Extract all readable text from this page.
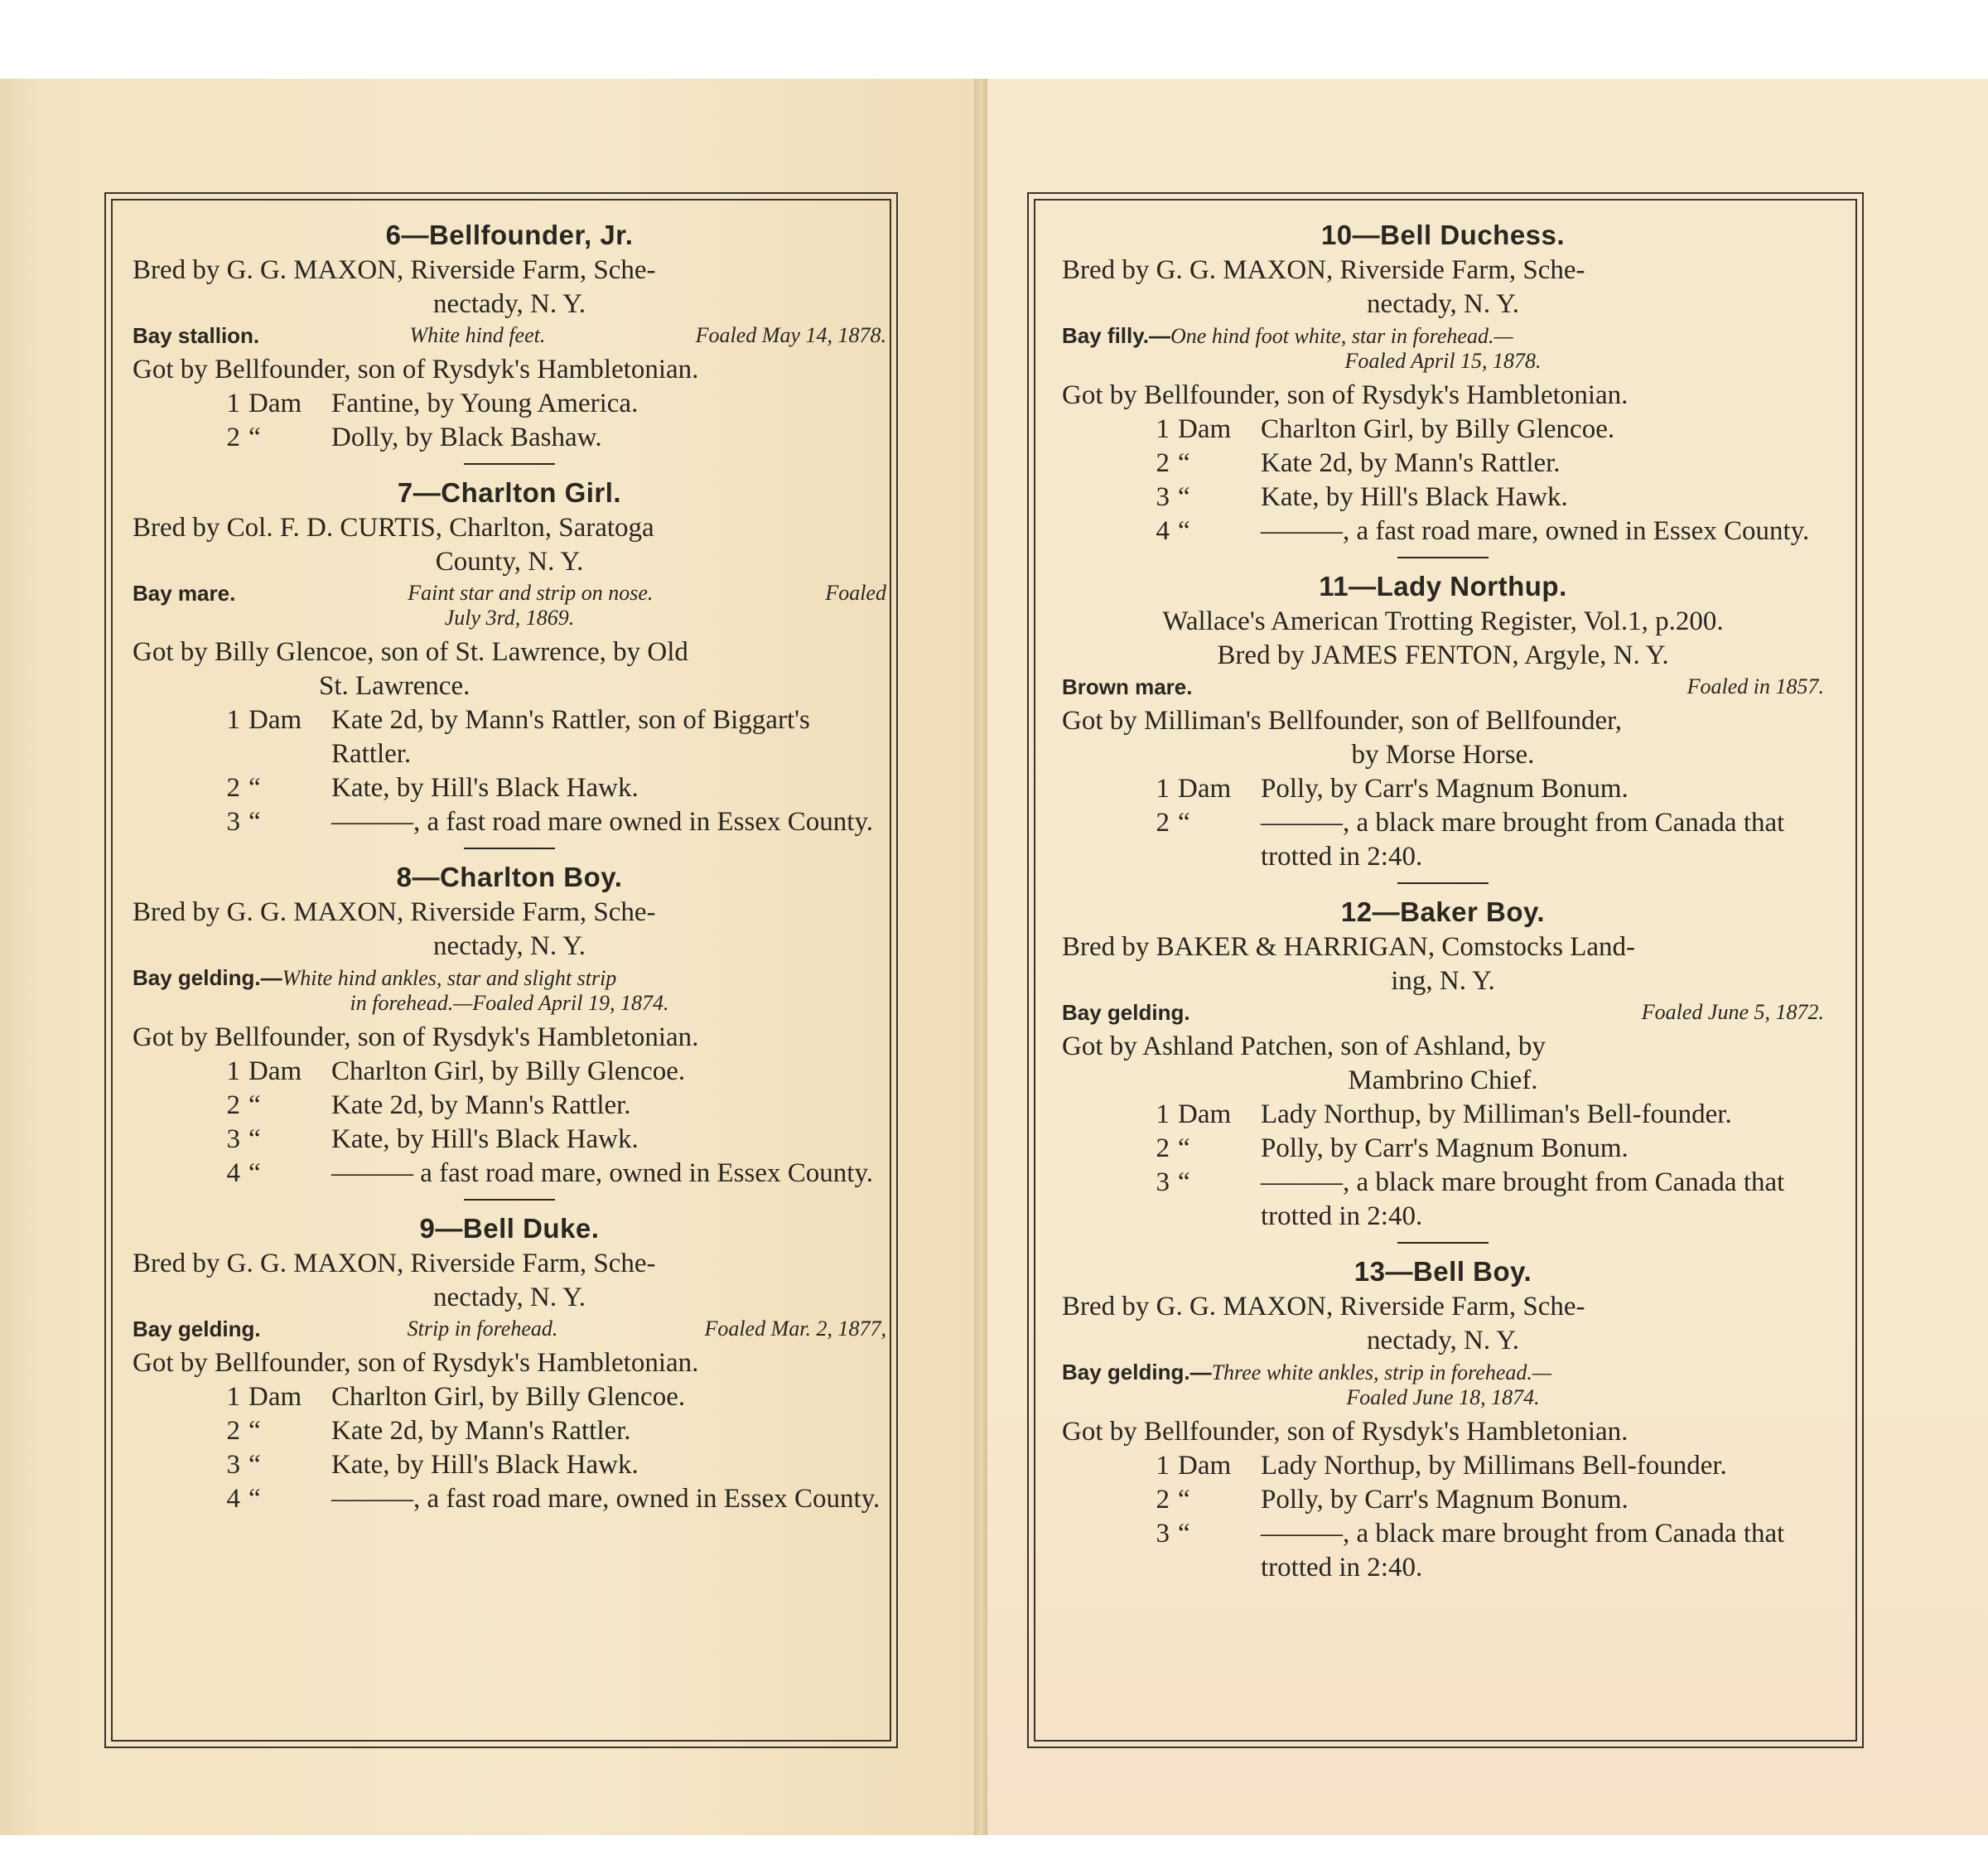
6—Bellfounder, Jr.

Bred by G. G. MAXON, Riverside Farm, Sche-
nectady, N. Y.

Bay stallion.	White hind feet.	Foaled May 14, 1878.

Got by Bellfounder, son of Rysdyk's Hambletonian.

1 Dam	Fantine, by Young America.

2 “	Dolly, by Black Bashaw.

7—Charlton Girl.

Bred by Col. F. D. CURTIS, Charlton, Saratoga
County, N. Y.

Bay mare.	Faint star and strip on nose.	Foaled
July 3rd, 1869.

Got by Billy Glencoe, son of St. Lawrence, by Old
St. Lawrence.

1 Dam	Kate 2d, by Mann's Rattler, son of Biggart's Rattler.

2 “	Kate, by Hill's Black Hawk.

3 “	———, a fast road mare owned in Essex County.

8—Charlton Boy.

Bred by G. G. MAXON, Riverside Farm, Sche-
nectady, N. Y.

Bay gelding.—White hind ankles, star and slight strip
in forehead.—Foaled April 19, 1874.

Got by Bellfounder, son of Rysdyk's Hambletonian.

1 Dam	Charlton Girl, by Billy Glencoe.

2 “	Kate 2d, by Mann's Rattler.

3 “	Kate, by Hill's Black Hawk.

4 “	——— a fast road mare, owned in Essex County.

9—Bell Duke.

Bred by G. G. MAXON, Riverside Farm, Sche-
nectady, N. Y.

Bay gelding.	Strip in forehead.	Foaled Mar. 2, 1877,

Got by Bellfounder, son of Rysdyk's Hambletonian.

1 Dam	Charlton Girl, by Billy Glencoe.

2 “	Kate 2d, by Mann's Rattler.

3 “	Kate, by Hill's Black Hawk.

4 “	———, a fast road mare, owned in Essex County.

10—Bell Duchess.

Bred by G. G. MAXON, Riverside Farm, Sche-
nectady, N. Y.

Bay filly.—One hind foot white, star in forehead.—
Foaled April 15, 1878.

Got by Bellfounder, son of Rysdyk's Hambletonian.

1 Dam	Charlton Girl, by Billy Glencoe.

2 “	Kate 2d, by Mann's Rattler.

3 “	Kate, by Hill's Black Hawk.

4 “	———, a fast road mare, owned in Essex County.

11—Lady Northup.

Wallace's American Trotting Register, Vol.1, p.200.

Bred by JAMES FENTON, Argyle, N. Y.

Brown mare.	Foaled in 1857.

Got by Milliman's Bellfounder, son of Bellfounder,
by Morse Horse.

1 Dam	Polly, by Carr's Magnum Bonum.

2 “	———, a black mare brought from Canada that trotted in 2:40.

12—Baker Boy.

Bred by BAKER & HARRIGAN, Comstocks Land-
ing, N. Y.

Bay gelding.	Foaled June 5, 1872.

Got by Ashland Patchen, son of Ashland, by
Mambrino Chief.

1 Dam	Lady Northup, by Milliman's Bell-founder.

2 “	Polly, by Carr's Magnum Bonum.

3 “	———, a black mare brought from Canada that trotted in 2:40.

13—Bell Boy.

Bred by G. G. MAXON, Riverside Farm, Sche-
nectady, N. Y.

Bay gelding.—Three white ankles, strip in forehead.—
Foaled June 18, 1874.

Got by Bellfounder, son of Rysdyk's Hambletonian.

1 Dam	Lady Northup, by Millimans Bell-founder.

2 “	Polly, by Carr's Magnum Bonum.

3 “	———, a black mare brought from Canada that trotted in 2:40.
